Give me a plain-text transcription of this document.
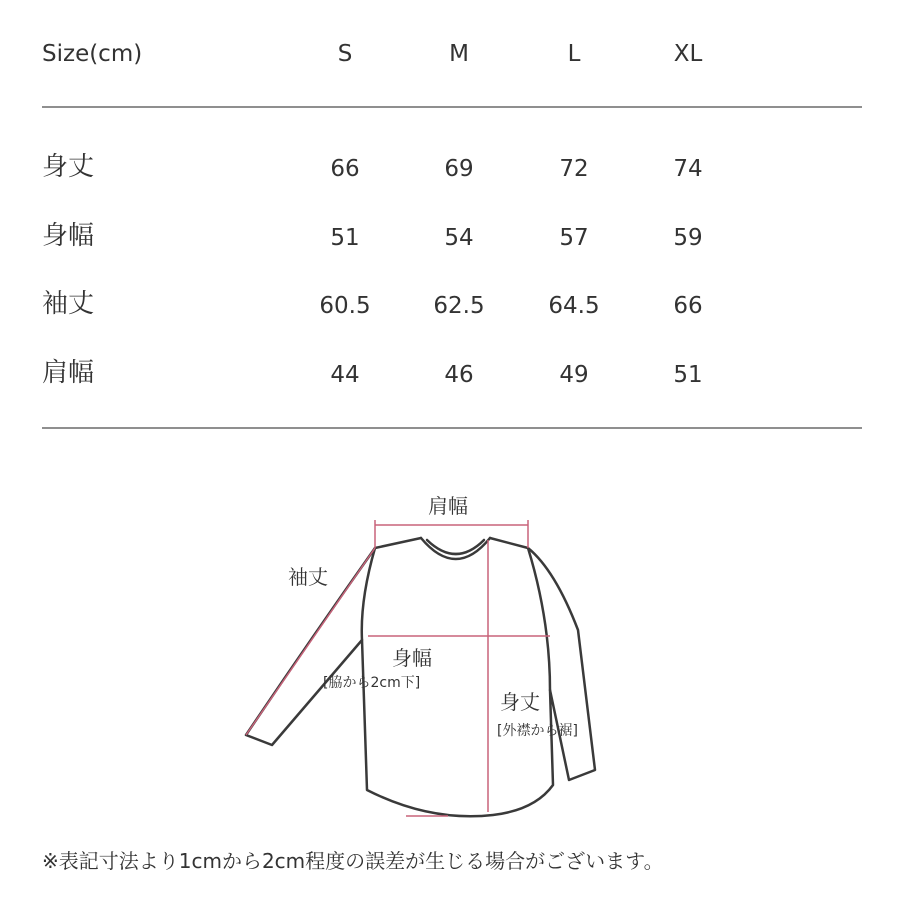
Size(cm)	S	M	L	XL
身丈	66	69	72	74
身幅	51	54	57	59
袖丈	60.5	62.5	64.5	66
肩幅	44	46	49	51
肩幅
袖丈
身幅
[脇から2cm下]
身丈
[外襟から裾]
※表記寸法より1cmから2cm程度の誤差が生じる場合がございます。
